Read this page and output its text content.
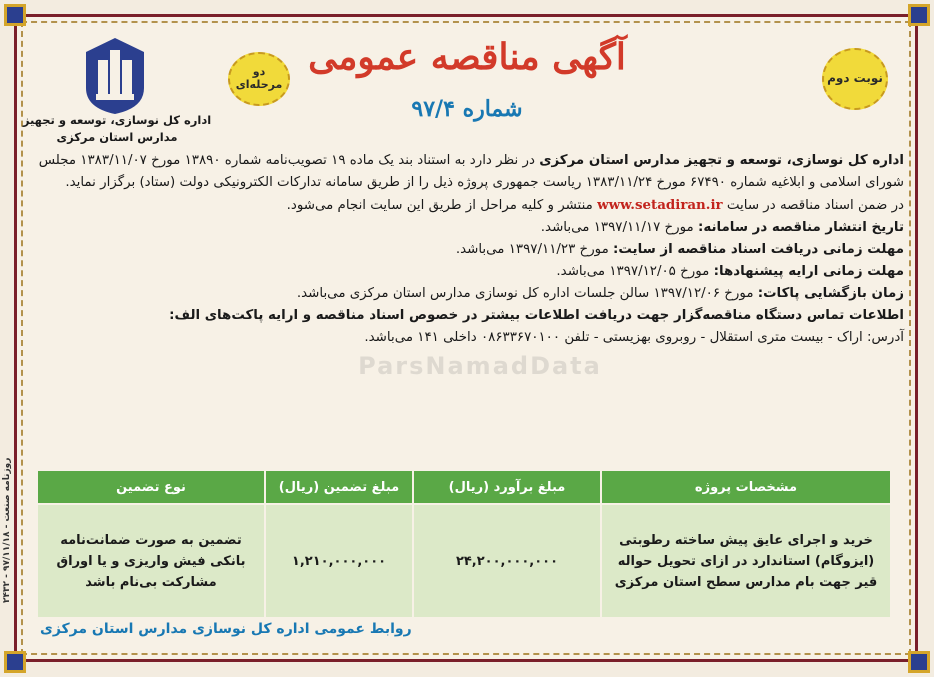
آگهی مناقصه عمومی
شماره ۹۷/۴
نوبت دوم
دو مرحله‌ای
اداره کل نوسازی، توسعه و تجهیز مدارس استان مرکزی

اداره کل نوسازی، توسعه و تجهیز مدارس استان مرکزی در نظر دارد به استناد بند یک ماده ۱۹ تصویب‌نامه شماره ۱۳۸۹۰ مورخ ۱۳۸۳/۱۱/۰۷ مجلس شورای اسلامی و ابلاغیه شماره ۶۷۴۹۰ مورخ ۱۳۸۳/۱۱/۲۴ ریاست جمهوری پروژه ذیل را از طریق سامانه تدارکات الکترونیکی دولت (ستاد) برگزار نماید.

در ضمن اسناد مناقصه در سایت www.setadiran.ir منتشر و کلیه مراحل از طریق این سایت انجام می‌شود.

تاریخ انتشار مناقصه در سامانه: مورخ ۱۳۹۷/۱۱/۱۷ می‌باشد.

مهلت زمانی دریافت اسناد مناقصه از سایت: مورخ ۱۳۹۷/۱۱/۲۳ می‌باشد.

مهلت زمانی ارایه پیشنهادها: مورخ ۱۳۹۷/۱۲/۰۵ می‌باشد.

زمان بازگشایی پاکات: مورخ ۱۳۹۷/۱۲/۰۶ سالن جلسات اداره کل نوسازی مدارس استان مرکزی می‌باشد.

اطلاعات تماس دستگاه مناقصه‌گزار جهت دریافت اطلاعات بیشتر در خصوص اسناد مناقصه و ارایه پاکت‌های الف:

آدرس: اراک - بیست متری استقلال - روبروی بهزیستی - تلفن ۰۸۶۳۳۶۷۰۱۰۰ داخلی ۱۴۱ می‌باشد.

ParsNamadData
مشخصات پروژه	مبلغ برآورد (ریال)	مبلغ تضمین (ریال)	نوع تضمین
خرید و اجرای عایق پیش ساخته رطوبتی (ایزوگام) استاندارد در ازای تحویل حواله قیر جهت بام مدارس سطح استان مرکزی	۲۴,۲۰۰,۰۰۰,۰۰۰	۱,۲۱۰,۰۰۰,۰۰۰	تضمین به صورت ضمانت‌نامه بانکی فیش واریزی و یا اوراق مشارکت بی‌نام باشد
روابط عمومی اداره کل نوسازی مدارس استان مرکزی
روزنامه صنعت - ۹۷/۱۱/۱۸ - ۲۴۳۲
